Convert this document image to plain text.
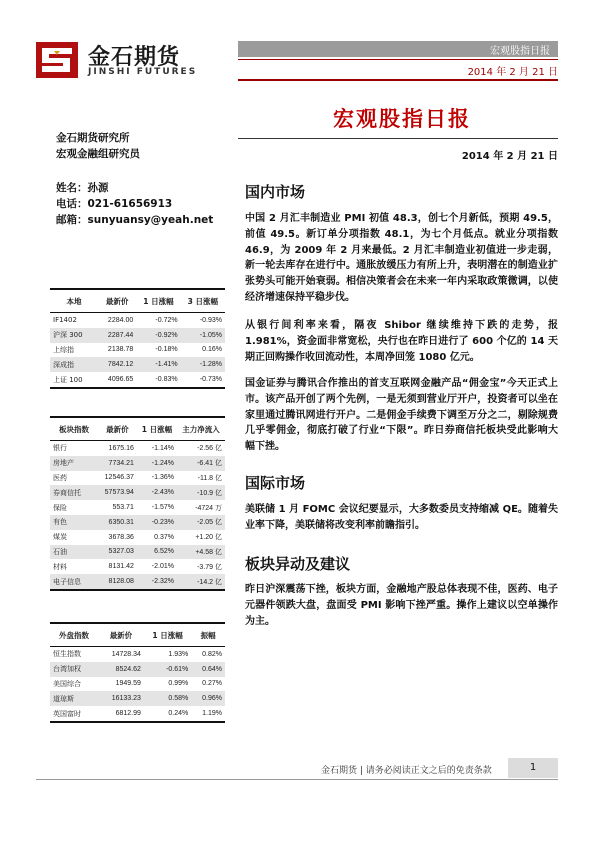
金石期货
JINSHI FUTURES
宏观股指日报
2014 年 2 月 21 日
宏观股指日报
2014 年 2 月 21 日
金石期货研究所
宏观金融组研究员
姓名：孙源
电话：021-61656913
邮箱：sunyuansy@yeah.net
本地	最新价	1 日涨幅	3 日涨幅
IF1402	2284.00	-0.72%	-0.93%
沪深 300	2287.44	-0.92%	-1.05%
上综指	2138.78	-0.18%	0.16%
深成指	7842.12	-1.41%	-1.28%
上证 100	4096.65	-0.83%	-0.73%
板块指数	最新价	1 日涨幅	主力净流入
银行	1675.16	-1.14%	-2.56 亿
房地产	7734.21	-1.24%	-6.41 亿
医药	12546.37	-1.36%	-11.8 亿
券商信托	57573.94	-2.43%	-10.9 亿
保险	553.71	-1.57%	-4724 万
有色	6350.31	-0.23%	-2.05 亿
煤炭	3678.36	0.37%	+1.20 亿
石油	5327.03	6.52%	+4.58 亿
材料	8131.42	-2.01%	-3.79 亿
电子信息	8128.08	-2.32%	-14.2 亿
外盘指数	最新价	1 日涨幅	振幅
恒生指数	14728.34	1.93%	0.82%
台湾加权	8524.62	-0.61%	0.64%
美国综合	1949.59	0.99%	0.27%
道琼斯	16133.23	0.58%	0.96%
英国富时	6812.99	0.24%	1.19%
国内市场
中国 2 月汇丰制造业 PMI 初值 48.3，创七个月新低，预期 49.5，前值 49.5。新订单分项指数 48.1，为七个月低点。就业分项指数 46.9，为 2009 年 2 月来最低。2 月汇丰制造业初值进一步走弱，新一轮去库存在进行中。通胀放缓压力有所上升，表明潜在的制造业扩张势头可能开始衰弱。相信决策者会在未来一年内采取政策微调，以使经济增速保持平稳步伐。
从银行间利率来看，隔夜 Shibor 继续维持下跌的走势，报 1.981%，资金面非常宽松，央行也在昨日进行了 600 个亿的 14 天期正回购操作收回流动性，本周净回笼 1080 亿元。
国金证券与腾讯合作推出的首支互联网金融产品“佣金宝”今天正式上市。该产品开创了两个先例，一是无须到营业厅开户，投资者可以坐在家里通过腾讯网进行开户。二是佣金手续费下调至万分之二，剔除规费几乎零佣金，彻底打破了行业“下限”。昨日券商信托板块受此影响大幅下挫。
国际市场
美联储 1 月 FOMC 会议纪要显示，大多数委员支持缩减 QE。随着失业率下降，美联储将改变利率前瞻指引。
板块异动及建议
昨日沪深震荡下挫，板块方面，金融地产股总体表现不佳，医药、电子元器件领跌大盘，盘面受 PMI 影响下挫严重。操作上建议以空单操作为主。
金石期货 | 请务必阅读正文之后的免责条款	1
